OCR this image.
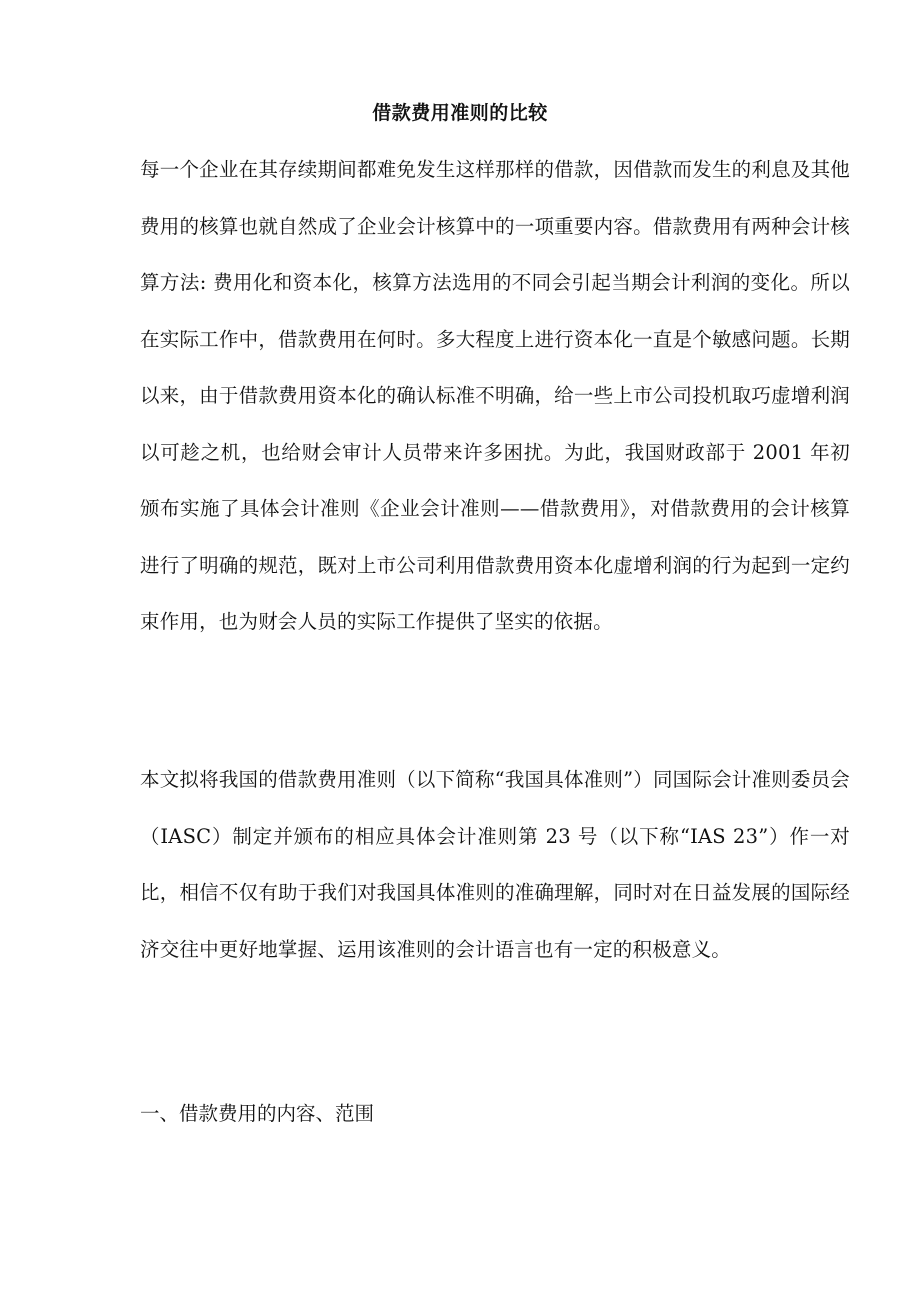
借款费用准则的比较
每一个企业在其存续期间都难免发生这样那样的借款，因借款而发生的利息及其他费用的核算也就自然成了企业会计核算中的一项重要内容。借款费用有两种会计核算方法: 费用化和资本化，核算方法选用的不同会引起当期会计利润的变化。所以在实际工作中，借款费用在何时。多大程度上进行资本化一直是个敏感问题。长期以来，由于借款费用资本化的确认标准不明确，给一些上市公司投机取巧虚增利润以可趁之机，也给财会审计人员带来许多困扰。为此，我国财政部于 2001 年初颁布实施了具体会计准则《企业会计准则——借款费用》，对借款费用的会计核算进行了明确的规范，既对上市公司利用借款费用资本化虚增利润的行为起到一定约束作用，也为财会人员的实际工作提供了坚实的依据。
本文拟将我国的借款费用准则（以下简称“我国具体准则”）同国际会计准则委员会（IASC）制定并颁布的相应具体会计准则第 23 号（以下称“IAS 23”）作一对比，相信不仅有助于我们对我国具体准则的准确理解，同时对在日益发展的国际经济交往中更好地掌握、运用该准则的会计语言也有一定的积极意义。
一、借款费用的内容、范围
